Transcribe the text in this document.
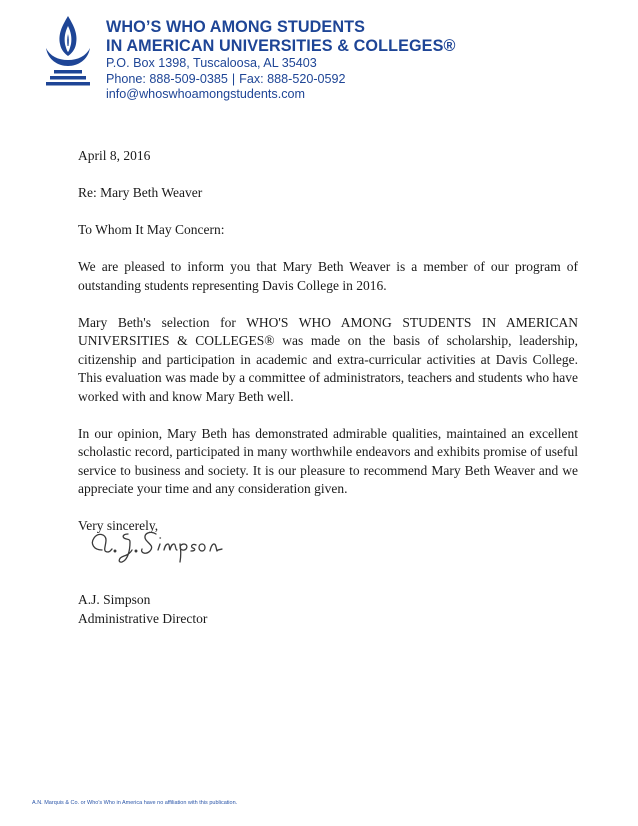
WHO’S WHO AMONG STUDENTS
IN AMERICAN UNIVERSITIES & COLLEGES®
P.O. Box 1398, Tuscaloosa, AL 35403
Phone: 888-509-0385 | Fax: 888-520-0592
info@whoswhoamongstudents.com

April 8, 2016

Re: Mary Beth Weaver

To Whom It May Concern:

We are pleased to inform you that Mary Beth Weaver is a member of our program of outstanding students representing Davis College in 2016.

Mary Beth's selection for WHO'S WHO AMONG STUDENTS IN AMERICAN UNIVERSITIES & COLLEGES® was made on the basis of scholarship, leadership, citizenship and participation in academic and extra-curricular activities at Davis College. This evaluation was made by a committee of administrators, teachers and students who have worked with and know Mary Beth well.

In our opinion, Mary Beth has demonstrated admirable qualities, maintained an excellent scholastic record, participated in many worthwhile endeavors and exhibits promise of useful service to business and society. It is our pleasure to recommend Mary Beth Weaver and we appreciate your time and any consideration given.

Very sincerely,

A.J. Simpson
Administrative Director
A.N. Marquis & Co. or Who's Who in America have no affiliation with this publication.
